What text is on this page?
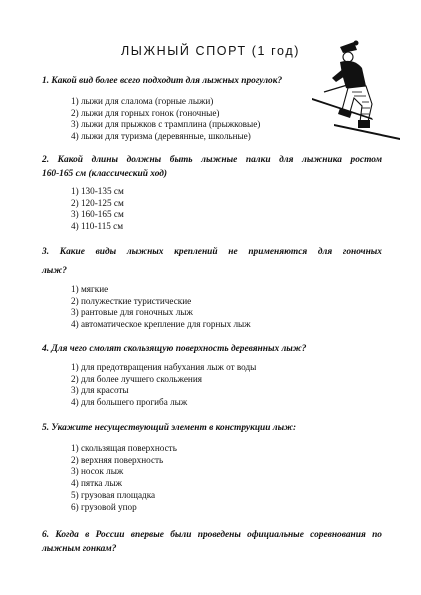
ЛЫЖНЫЙ СПОРТ (1 год)

1. Какой вид более всего подходит для лыжных прогулок?

1) лыжи для слалома (горные лыжи)
2) лыжи для горных гонок (гоночные)
3) лыжи для прыжков с трамплина (прыжковые)
4) лыжи для туризма (деревянные, школьные)

2. Какой длины должны быть лыжные палки для лыжника ростом

160-165 см (классический ход)

1) 130-135 см
2) 120-125 см
3) 160-165 см
4) 110-115 см

3. Какие виды лыжных креплений не применяются для гоночных

лыж?

1) мягкие
2) полужесткие туристические
3) рантовые для гоночных лыж
4) автоматическое крепление для горных лыж

4. Для чего смолят скользящую поверхность деревянных лыж?

1) для предотвращения набухания лыж от воды
2) для более лучшего скольжения
3) для красоты
4) для большего прогиба лыж

5. Укажите несуществующий элемент в конструкции лыж:

1) скользящая поверхность
2) верхняя поверхность
3) носок лыж
4) пятка лыж
5) грузовая площадка
6) грузовой упор

6. Когда в России впервые были проведены официальные соревнования по

лыжным гонкам?
